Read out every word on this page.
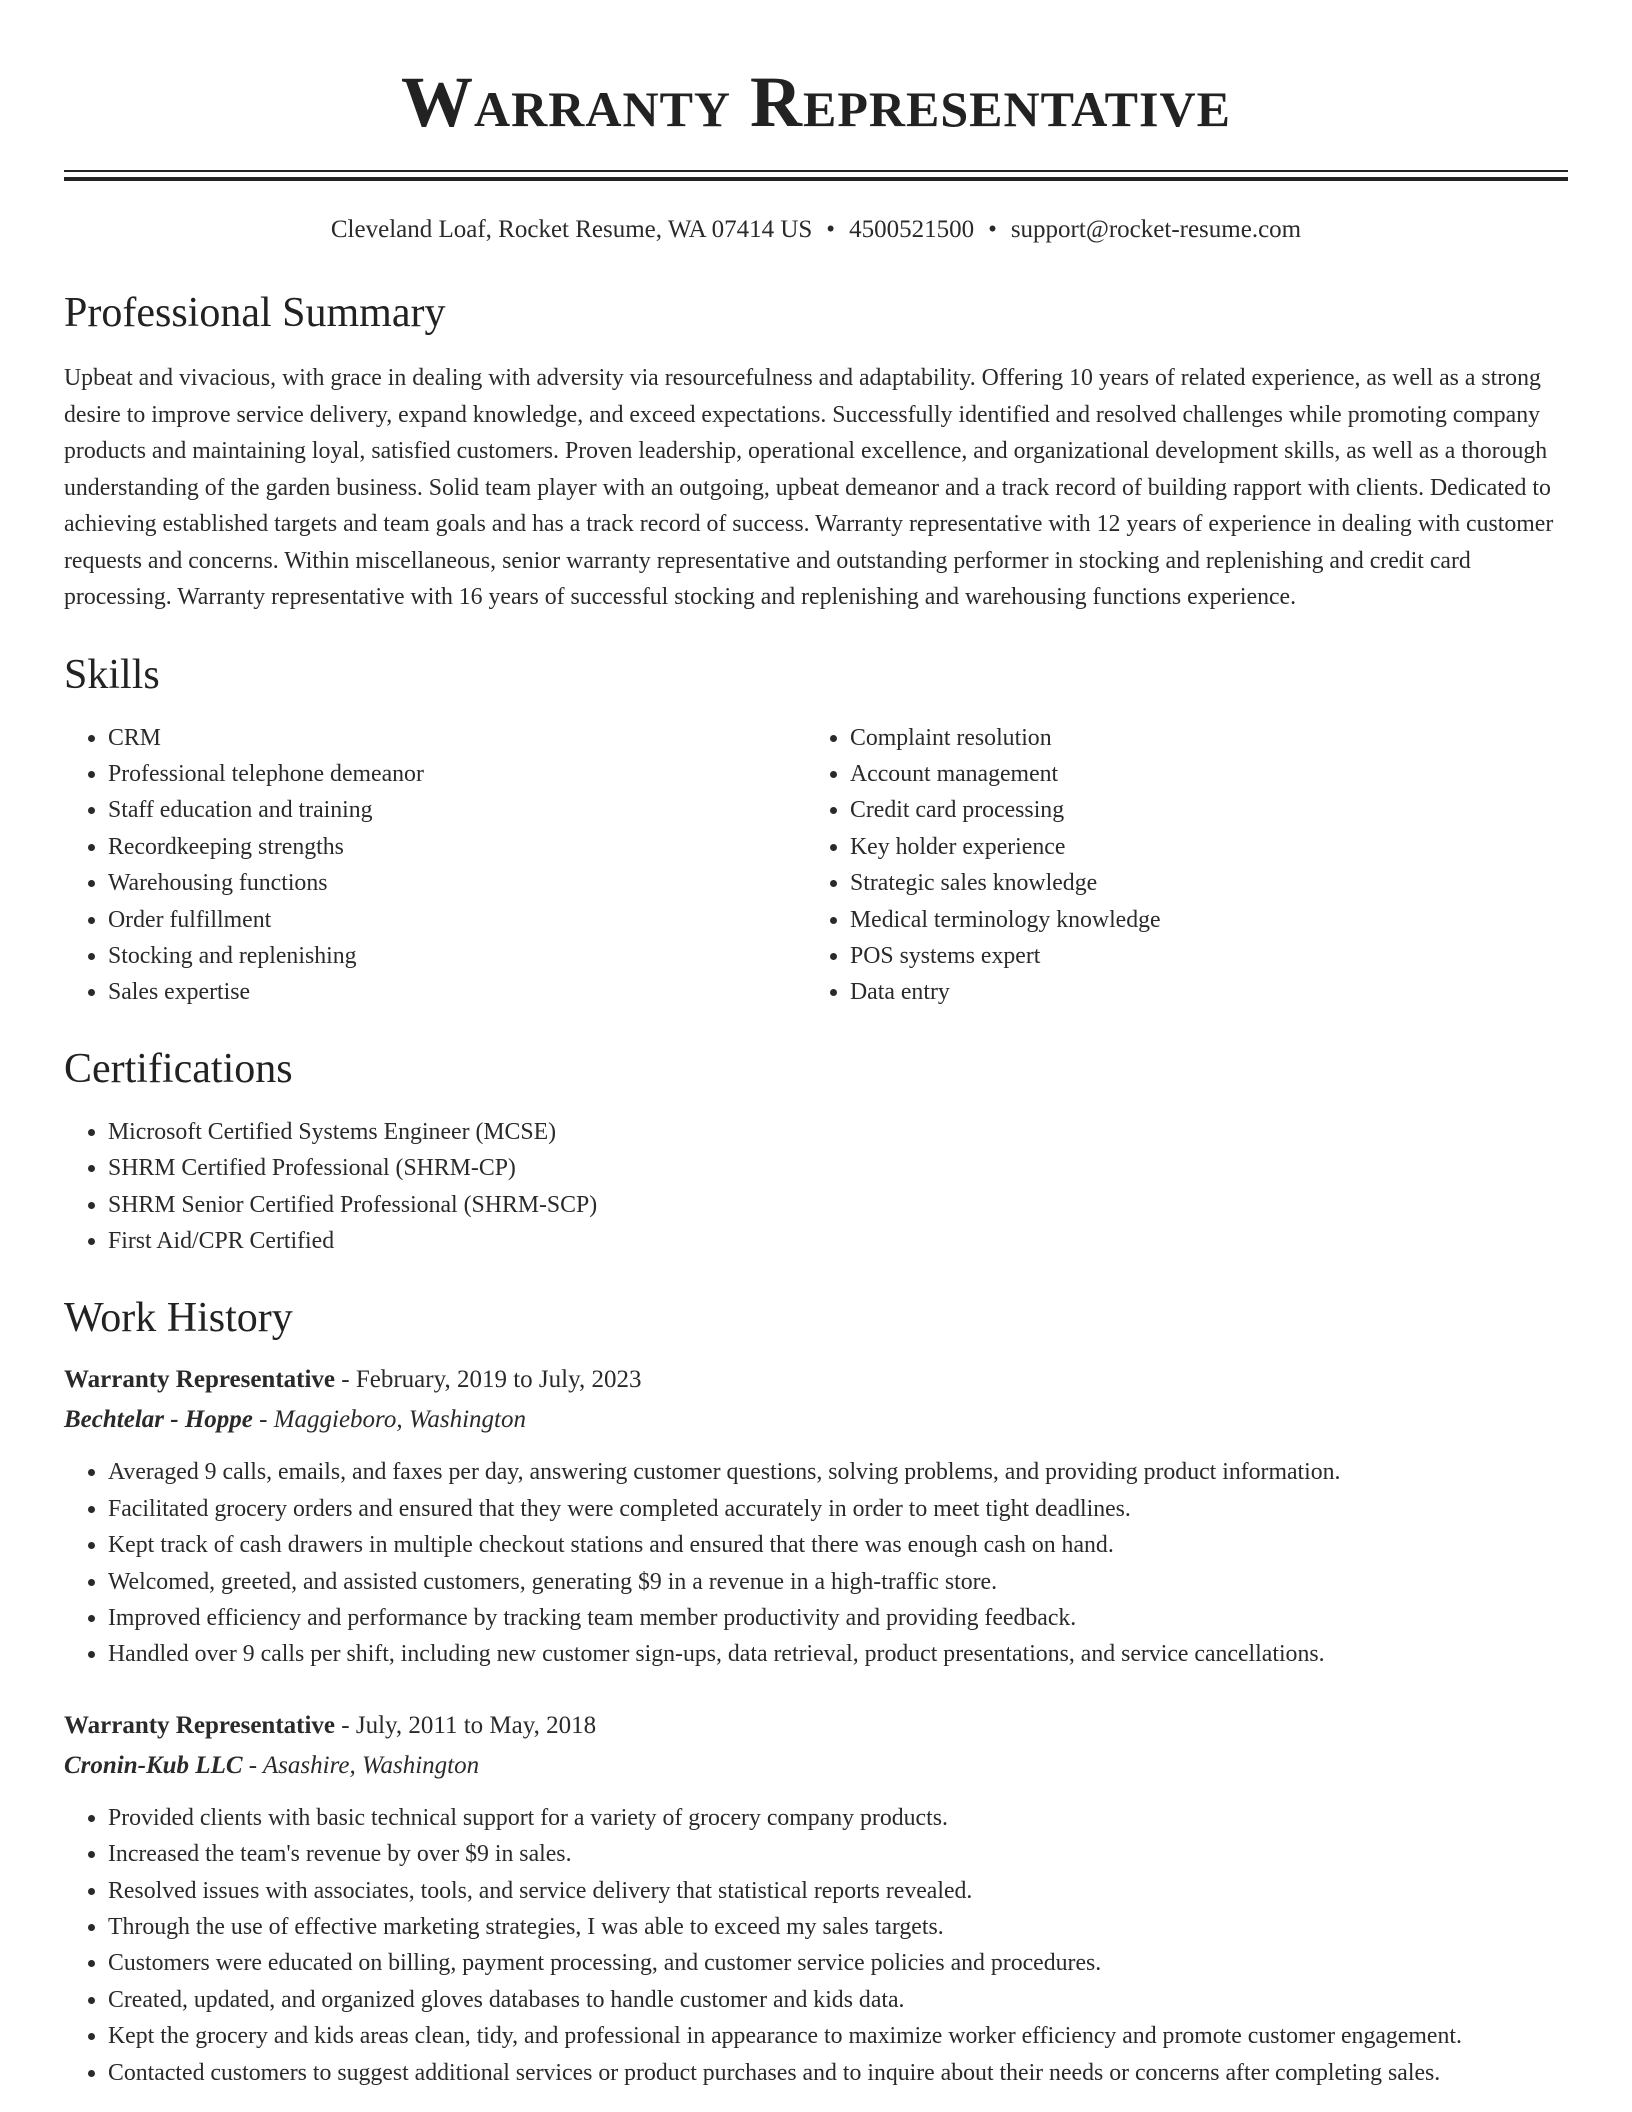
Warranty Representative
Cleveland Loaf, Rocket Resume, WA 07414 US • 4500521500 • support@rocket-resume.com
Professional Summary

Upbeat and vivacious, with grace in dealing with adversity via resourcefulness and adaptability. Offering 10 years of related experience, as well as a strong desire to improve service delivery, expand knowledge, and exceed expectations. Successfully identified and resolved challenges while promoting company products and maintaining loyal, satisfied customers. Proven leadership, operational excellence, and organizational development skills, as well as a thorough understanding of the garden business. Solid team player with an outgoing, upbeat demeanor and a track record of building rapport with clients. Dedicated to achieving established targets and team goals and has a track record of success. Warranty representative with 12 years of experience in dealing with customer requests and concerns. Within miscellaneous, senior warranty representative and outstanding performer in stocking and replenishing and credit card processing. Warranty representative with 16 years of successful stocking and replenishing and warehousing functions experience.

Skills
• CRM
• Professional telephone demeanor
• Staff education and training
• Recordkeeping strengths
• Warehousing functions
• Order fulfillment
• Stocking and replenishing
• Sales expertise
• Complaint resolution
• Account management
• Credit card processing
• Key holder experience
• Strategic sales knowledge
• Medical terminology knowledge
• POS systems expert
• Data entry
Certifications
• Microsoft Certified Systems Engineer (MCSE)
• SHRM Certified Professional (SHRM-CP)
• SHRM Senior Certified Professional (SHRM-SCP)
• First Aid/CPR Certified
Work History
Warranty Representative - February, 2019 to July, 2023
Bechtelar - Hoppe - Maggieboro, Washington
• Averaged 9 calls, emails, and faxes per day, answering customer questions, solving problems, and providing product information.
• Facilitated grocery orders and ensured that they were completed accurately in order to meet tight deadlines.
• Kept track of cash drawers in multiple checkout stations and ensured that there was enough cash on hand.
• Welcomed, greeted, and assisted customers, generating $9 in a revenue in a high-traffic store.
• Improved efficiency and performance by tracking team member productivity and providing feedback.
• Handled over 9 calls per shift, including new customer sign-ups, data retrieval, product presentations, and service cancellations.
Warranty Representative - July, 2011 to May, 2018
Cronin-Kub LLC - Asashire, Washington
• Provided clients with basic technical support for a variety of grocery company products.
• Increased the team's revenue by over $9 in sales.
• Resolved issues with associates, tools, and service delivery that statistical reports revealed.
• Through the use of effective marketing strategies, I was able to exceed my sales targets.
• Customers were educated on billing, payment processing, and customer service policies and procedures.
• Created, updated, and organized gloves databases to handle customer and kids data.
• Kept the grocery and kids areas clean, tidy, and professional in appearance to maximize worker efficiency and promote customer engagement.
• Contacted customers to suggest additional services or product purchases and to inquire about their needs or concerns after completing sales.
